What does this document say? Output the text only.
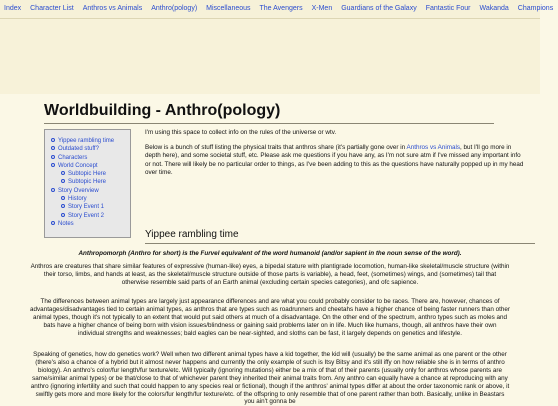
Index Character List Anthros vs Animals Anthro(pology) Miscellaneous The Avengers X-Men Guardians of the Galaxy Fantastic Four Wakanda Champions
Worldbuilding - Anthro(pology)
Yippee rambling time
Outdated stuff?
Characters
World Concept
Subtopic Here
Subtopic Here
Story Overview
History
Story Event 1
Story Event 2
Notes

I'm using this space to collect info on the rules of the universe or wtv.

Below is a bunch of stuff listing the physical traits that anthros share (it's partially gone over in Anthros vs Animals, but I'll go more in depth here), and some societal stuff, etc. Please ask me questions if you have any, as I'm not sure atm if I've missed any important info or not. There will likely be no particular order to things, as I've been adding to this as the questions have naturally popped up in my head over time.

Yippee rambling time
Anthropomorph (Anthro for short) is the Furvel equivalent of the word humanoid (and/or sapient in the noun sense of the word).

Anthros are creatures that share similar features of expressive (human-like) eyes, a bipedal stature with plantigrade locomotion, human-like skeletal/muscle structure (within their torso, limbs, and hands at least, as the skeletal/muscle structure outside of those parts is variable), a head, feet, (sometimes) wings, and (sometimes) tail that otherwise resemble said parts of an Earth animal (excluding certain species categories), and ofc sapience.

The differences between animal types are largely just appearance differences and are what you could probably consider to be races. There are, however, chances of advantages/disadvantages tied to certain animal types, as anthros that are types such as roadrunners and cheetahs have a higher chance of being faster runners than other animal types, though it's not typically to an extent that would put said others at much of a disadvantage. On the other end of the spectrum, anthro types such as moles and bats have a higher chance of being born with vision issues/blindness or gaining said problems later on in life. Much like humans, though, all anthros have their own individual strengths and weaknesses; bald eagles can be near-sighted, and sloths can be fast, it largely depends on genetics and lifestyle.

Speaking of genetics, how do genetics work? Well when two different animal types have a kid together, the kid will (usually) be the same animal as one parent or the other (there's also a chance of a hybrid but it almost never happens and currently the only example of such is Itsy Bitsy and it's still iffy on how reliable she is in terms of anthro biology). An anthro's color/fur length/fur texture/etc. Will typically (ignoring mutations) either be a mix of that of their parents (usually only for anthros whose parents are same/similar animal types) or be that/close to that of whichever parent they inherited their animal traits from. Any anthro can equally have a chance at reproducing with any anthro (ignoring infertility and such that could happen to any species real or fictional), though if the anthros' animal types differ at about the order taxonomic rank or above, it swiftly gets more and more likely for the colors/fur length/fur texture/etc. of the offspring to only resemble that of one parent rather than both. Basically, unlike in Beastars you ain't gonna be
